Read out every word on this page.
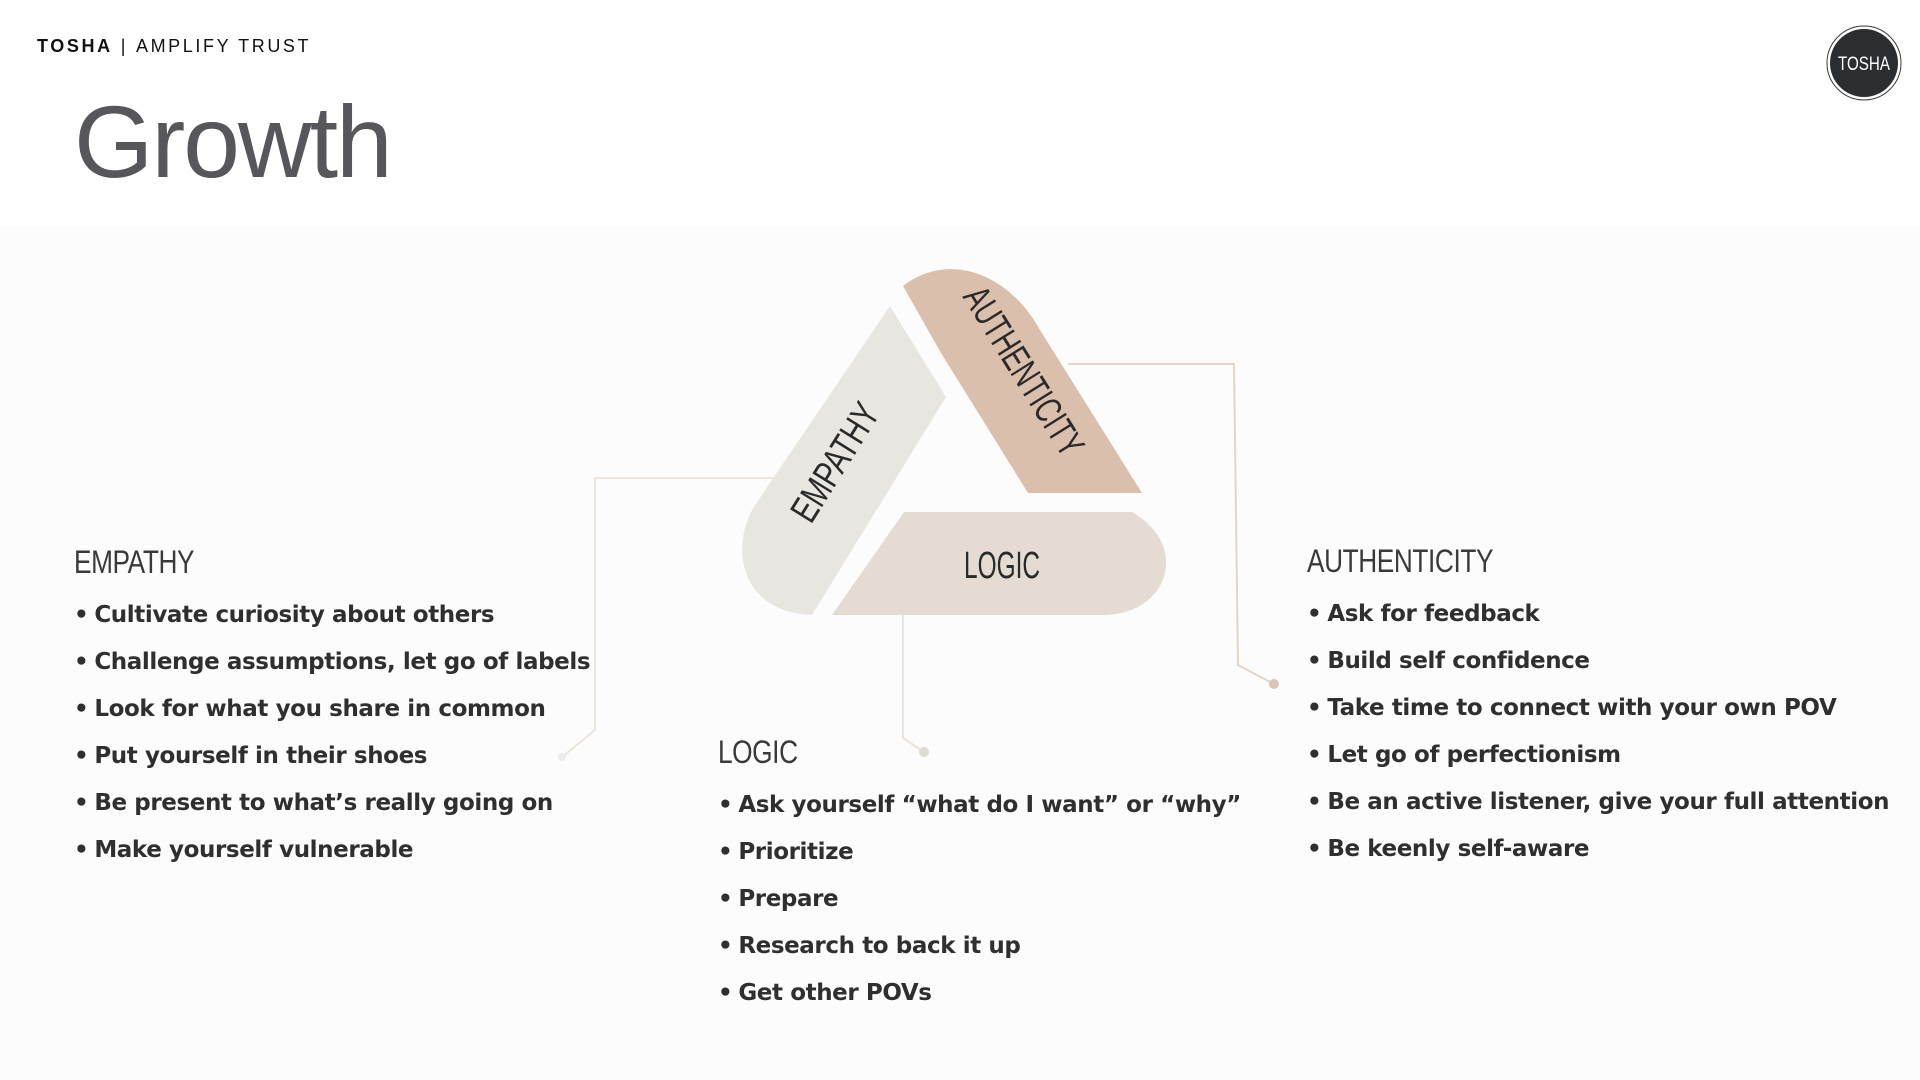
TOSHA | AMPLIFY TRUST
TOSHA
Growth
EMPATHY AUTHENTICITY
LOGIC
EMPATHY
• Cultivate curiosity about others
• Challenge assumptions, let go of labels
• Look for what you share in common
• Put yourself in their shoes
• Be present to what’s really going on
• Make yourself vulnerable
LOGIC
• Ask yourself “what do I want” or “why”
• Prioritize
• Prepare
• Research to back it up
• Get other POVs
AUTHENTICITY
• Ask for feedback
• Build self confidence
• Take time to connect with your own POV
• Let go of perfectionism
• Be an active listener, give your full attention
• Be keenly self-aware
